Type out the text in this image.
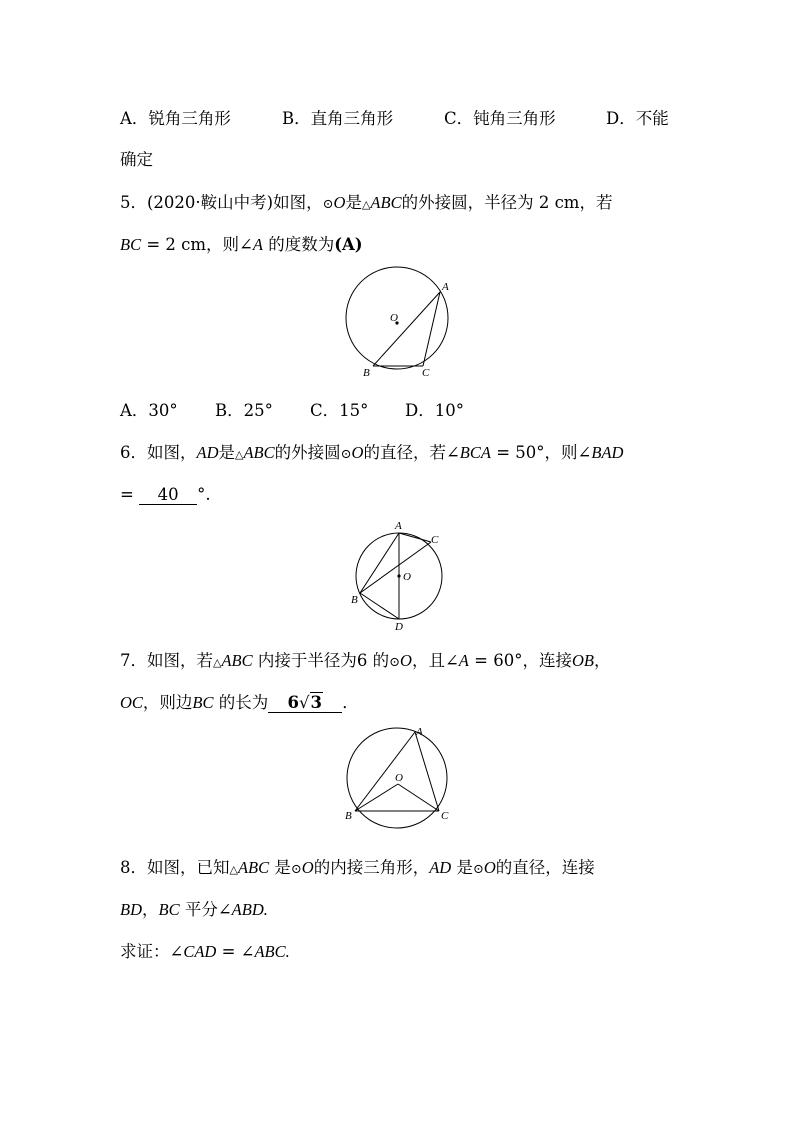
A．锐角三角形	B．直角三角形	C．钝角三角形	D．不能
确定
5．(2020·鞍山中考)如图，⊙O是△ABC的外接圆，半径为 2 cm，若
BC = 2 cm，则∠A 的度数为(A)
A
O
B	C
A．30° B．25° C．15° D．10°
6．如图，AD是△ABC的外接圆⊙O的直径，若∠BCA = 50°，则∠BAD
= 40 °.
A
C
O
B
D
7．如图，若△ABC 内接于半径为6 的⊙O，且∠A = 60°，连接OB，
OC，则边BC 的长为 6√3 ．
A
O
B	C
8．如图，已知△ABC 是⊙O的内接三角形，AD 是⊙O的直径，连接
BD，BC 平分∠ABD.
求证：∠CAD = ∠ABC.
